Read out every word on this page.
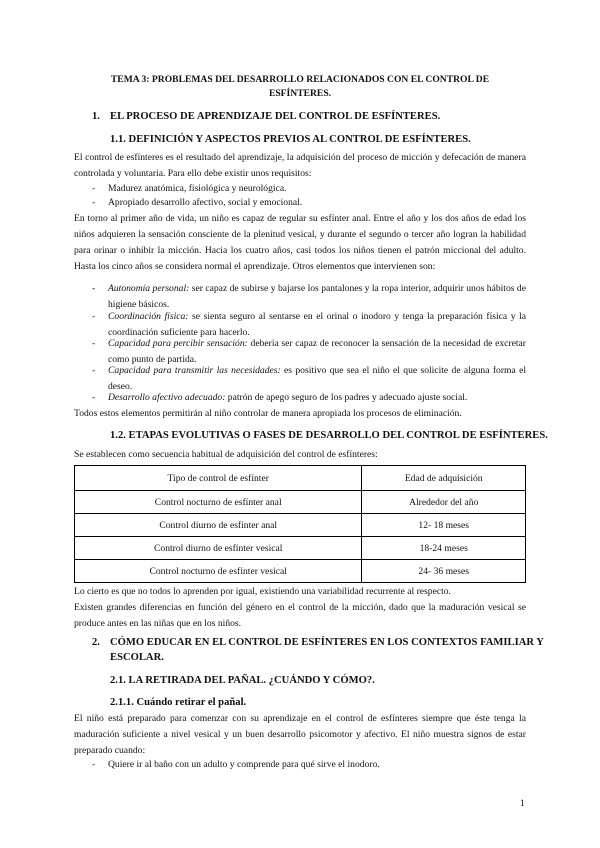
TEMA 3: PROBLEMAS DEL DESARROLLO RELACIONADOS CON EL CONTROL DE
ESFÍNTERES.
1. EL PROCESO DE APRENDIZAJE DEL CONTROL DE ESFÍNTERES.
1.1. DEFINICIÓN Y ASPECTOS PREVIOS AL CONTROL DE ESFÍNTERES.
El control de esfínteres es el resultado del aprendizaje, la adquisición del proceso de micción y defecación de manera controlada y voluntaria. Para ello debe existir unos requisitos:
- Madurez anatómica, fisiológica y neurológica.
- Apropiado desarrollo afectivo, social y emocional.
En torno al primer año de vida, un niño es capaz de regular su esfínter anal. Entre el año y los dos años de edad los niños adquieren la sensación consciente de la plenitud vesical, y durante el segundo o tercer año logran la habilidad para orinar o inhibir la micción. Hacia los cuatro años, casi todos los niños tienen el patrón miccional del adulto. Hasta los cinco años se considera normal el aprendizaje. Otros elementos que intervienen son:
- Autonomía personal: ser capaz de subirse y bajarse los pantalones y la ropa interior, adquirir unos hábitos de higiene básicos.
- Coordinación física: se sienta seguro al sentarse en el orinal o inodoro y tenga la preparación física y la coordinación suficiente para hacerlo.
- Capacidad para percibir sensación: debería ser capaz de reconocer la sensación de la necesidad de excretar como punto de partida.
- Capacidad para transmitir las necesidades: es positivo que sea el niño el que solicite de alguna forma el deseo.
- Desarrollo afectivo adecuado: patrón de apego seguro de los padres y adecuado ajuste social.
Todos estos elementos permitirán al niño controlar de manera apropiada los procesos de eliminación.
1.2. ETAPAS EVOLUTIVAS O FASES DE DESARROLLO DEL CONTROL DE ESFÍNTERES.
Se establecen como secuencia habitual de adquisición del control de esfínteres:
Tipo de control de esfínter	Edad de adquisición
Control nocturno de esfínter anal	Alrededor del año
Control diurno de esfínter anal	12- 18 meses
Control diurno de esfínter vesical	18-24 meses
Control nocturno de esfínter vesical	24- 36 meses
Lo cierto es que no todos lo aprenden por igual, existiendo una variabilidad recurrente al respecto.
Existen grandes diferencias en función del género en el control de la micción, dado que la maduración vesical se produce antes en las niñas que en los niños.
2. CÓMO EDUCAR EN EL CONTROL DE ESFÍNTERES EN LOS CONTEXTOS FAMILIAR Y
ESCOLAR.
2.1. LA RETIRADA DEL PAÑAL. ¿CUÁNDO Y CÓMO?.
2.1.1. Cuándo retirar el pañal.
El niño está preparado para comenzar con su aprendizaje en el control de esfínteres siempre que éste tenga la maduración suficiente a nivel vesical y un buen desarrollo psicomotor y afectivo. El niño muestra signos de estar preparado cuando:
- Quiere ir al baño con un adulto y comprende para qué sirve el inodoro.
1
